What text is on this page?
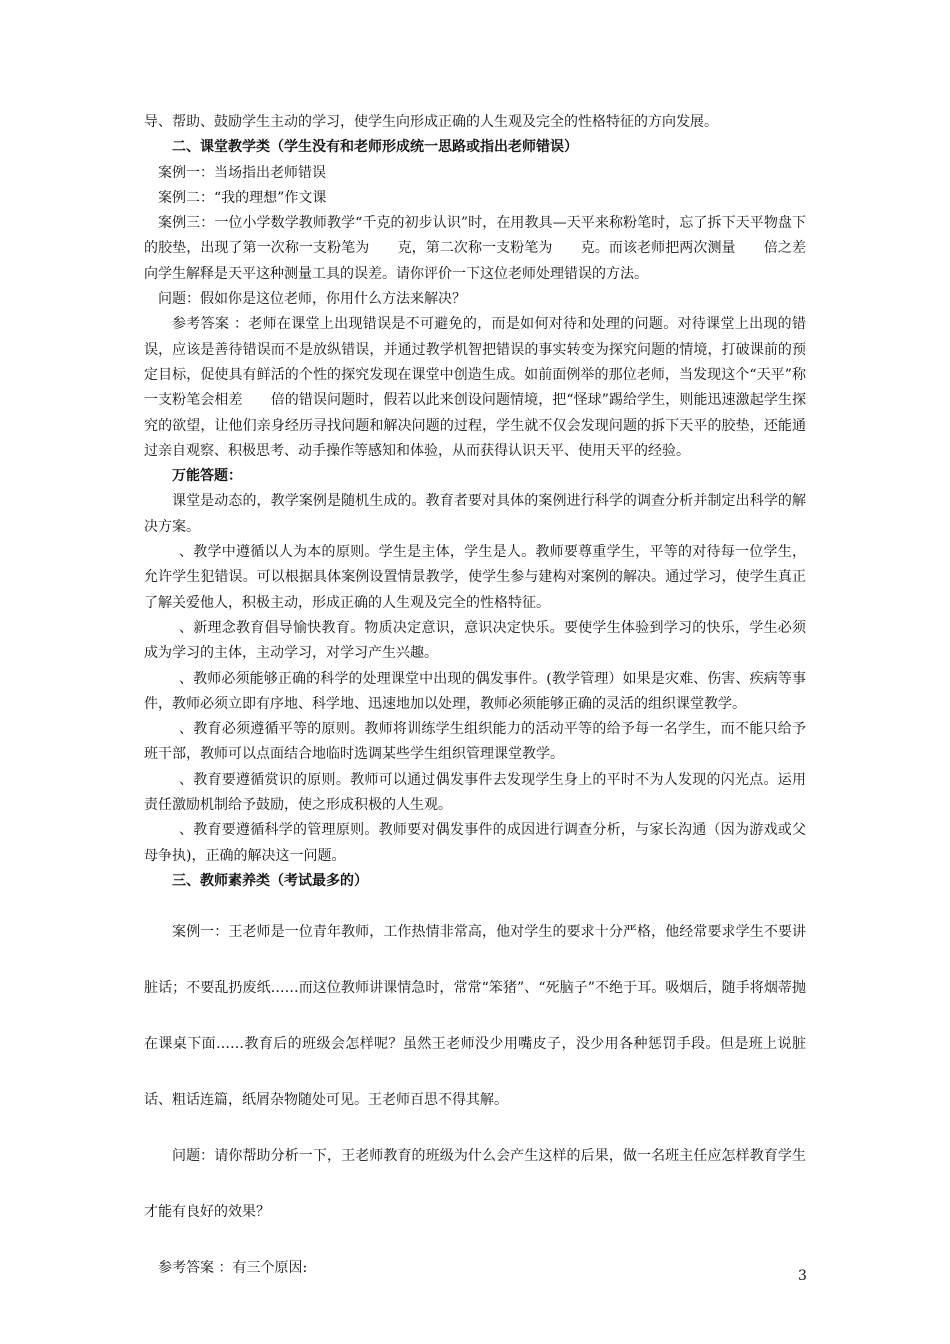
导、帮助、鼓励学生主动的学习，使学生向形成正确的人生观及完全的性格特征的方向发展。

二、课堂教学类（学生没有和老师形成统一思路或指出老师错误）

案例一：当场指出老师错误

案例二：“我的理想”作文课

案例三：一位小学数学教师教学“千克的初步认识”时，在用教具—天平来称粉笔时，忘了拆下天平物盘下的胶垫，出现了第一次称一支粉笔为　　克，第二次称一支粉笔为　　克。而该老师把两次测量　　倍之差向学生解释是天平这种测量工具的误差。请你评价一下这位老师处理错误的方法。

问题：假如你是这位老师，你用什么方法来解决？

参考答案 ：老师在课堂上出现错误是不可避免的，而是如何对待和处理的问题。对待课堂上出现的错误，应该是善待错误而不是放纵错误，并通过教学机智把错误的事实转变为探究问题的情境，打破课前的预定目标，促使具有鲜活的个性的探究发现在课堂中创造生成。如前面例举的那位老师，当发现这个“天平”称一支粉笔会相差　　倍的错误问题时，假若以此来创设问题情境，把“怪球”踢给学生，则能迅速激起学生探究的欲望，让他们亲身经历寻找问题和解决问题的过程，学生就不仅会发现问题的拆下天平的胶垫，还能通过亲自观察、积极思考、动手操作等感知和体验，从而获得认识天平、使用天平的经验。

万能答题：

课堂是动态的，教学案例是随机生成的。教育者要对具体的案例进行科学的调查分析并制定出科学的解决方案。

、教学中遵循以人为本的原则。学生是主体，学生是人。教师要尊重学生，平等的对待每一位学生，允许学生犯错误。可以根据具体案例设置情景教学，使学生参与建构对案例的解决。通过学习，使学生真正了解关爱他人，积极主动，形成正确的人生观及完全的性格特征。

、新理念教育倡导愉快教育。物质决定意识，意识决定快乐。要使学生体验到学习的快乐，学生必须成为学习的主体，主动学习，对学习产生兴趣。

、教师必须能够正确的科学的处理课堂中出现的偶发事件。(教学管理）如果是灾难、伤害、疾病等事件，教师必须立即有序地、科学地、迅速地加以处理，教师必须能够正确的灵活的组织课堂教学。

、教育必须遵循平等的原则。教师将训练学生组织能力的活动平等的给予每一名学生，而不能只给予班干部，教师可以点面结合地临时选调某些学生组织管理课堂教学。

、教育要遵循赏识的原则。教师可以通过偶发事件去发现学生身上的平时不为人发现的闪光点。运用责任激励机制给予鼓励，使之形成积极的人生观。

、教育要遵循科学的管理原则。教师要对偶发事件的成因进行调查分析，与家长沟通（因为游戏或父母争执)，正确的解决这一问题。

三、教师素养类（考试最多的）

案例一：王老师是一位青年教师，工作热情非常高，他对学生的要求十分严格，他经常要求学生不要讲脏话；不要乱扔废纸……而这位教师讲课情急时，常常“笨猪”、“死脑子”不绝于耳。吸烟后，随手将烟蒂抛在课桌下面……教育后的班级会怎样呢？虽然王老师没少用嘴皮子，没少用各种惩罚手段。但是班上说脏话、粗话连篇，纸屑杂物随处可见。王老师百思不得其解。

问题：请你帮助分析一下，王老师教育的班级为什么会产生这样的后果，做一名班主任应怎样教育学生才能有良好的效果？

参考答案 ：有三个原因:	3
